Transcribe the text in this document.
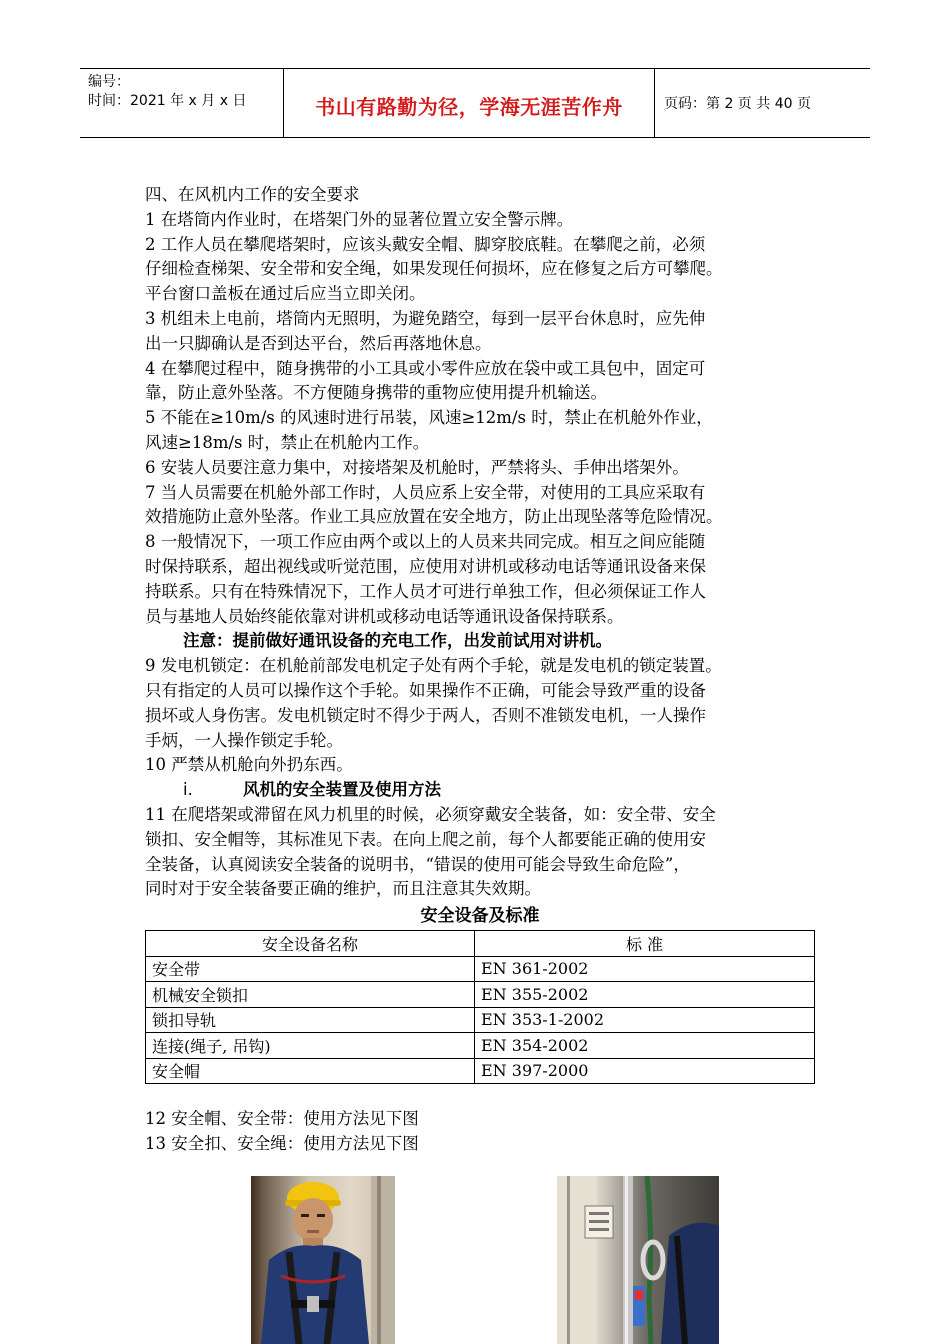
编号：
时间：2021 年 x 月 x 日	书山有路勤为径，学海无涯苦作舟	页码：第 2 页 共 40 页
四、在风机内工作的安全要求
1 在塔筒内作业时，在塔架门外的显著位置立安全警示牌。
2 工作人员在攀爬塔架时，应该头戴安全帽、脚穿胶底鞋。在攀爬之前，必须
仔细检查梯架、安全带和安全绳，如果发现任何损坏，应在修复之后方可攀爬。
平台窗口盖板在通过后应当立即关闭。
3 机组未上电前，塔筒内无照明，为避免踏空，每到一层平台休息时，应先伸
出一只脚确认是否到达平台，然后再落地休息。
4 在攀爬过程中，随身携带的小工具或小零件应放在袋中或工具包中，固定可
靠，防止意外坠落。不方便随身携带的重物应使用提升机输送。
5 不能在≥10m/s 的风速时进行吊装，风速≥12m/s 时，禁止在机舱外作业，
风速≥18m/s 时，禁止在机舱内工作。
6 安装人员要注意力集中，对接塔架及机舱时，严禁将头、手伸出塔架外。
7 当人员需要在机舱外部工作时，人员应系上安全带，对使用的工具应采取有
效措施防止意外坠落。作业工具应放置在安全地方，防止出现坠落等危险情况。
8 一般情况下，一项工作应由两个或以上的人员来共同完成。相互之间应能随
时保持联系，超出视线或听觉范围，应使用对讲机或移动电话等通讯设备来保
持联系。只有在特殊情况下，工作人员才可进行单独工作，但必须保证工作人
员与基地人员始终能依靠对讲机或移动电话等通讯设备保持联系。
注意：提前做好通讯设备的充电工作，出发前试用对讲机。
9 发电机锁定：在机舱前部发电机定子处有两个手轮，就是发电机的锁定装置。
只有指定的人员可以操作这个手轮。如果操作不正确，可能会导致严重的设备
损坏或人身伤害。发电机锁定时不得少于两人，否则不准锁发电机，一人操作
手炳，一人操作锁定手轮。
10 严禁从机舱向外扔东西。
i.	风机的安全装置及使用方法
11 在爬塔架或滞留在风力机里的时候，必须穿戴安全装备，如：安全带、安全
锁扣、安全帽等，其标准见下表。在向上爬之前，每个人都要能正确的使用安
全装备，认真阅读安全装备的说明书，“错误的使用可能会导致生命危险”，
同时对于安全装备要正确的维护，而且注意其失效期。
安全设备及标准
安全设备名称	标 准
安全带	EN 361-2002
机械安全锁扣	EN 355-2002
锁扣导轨	EN 353-1-2002
连接(绳子, 吊钩)	EN 354-2002
安全帽	EN 397-2000
12 安全帽、安全带：使用方法见下图
13 安全扣、安全绳：使用方法见下图
